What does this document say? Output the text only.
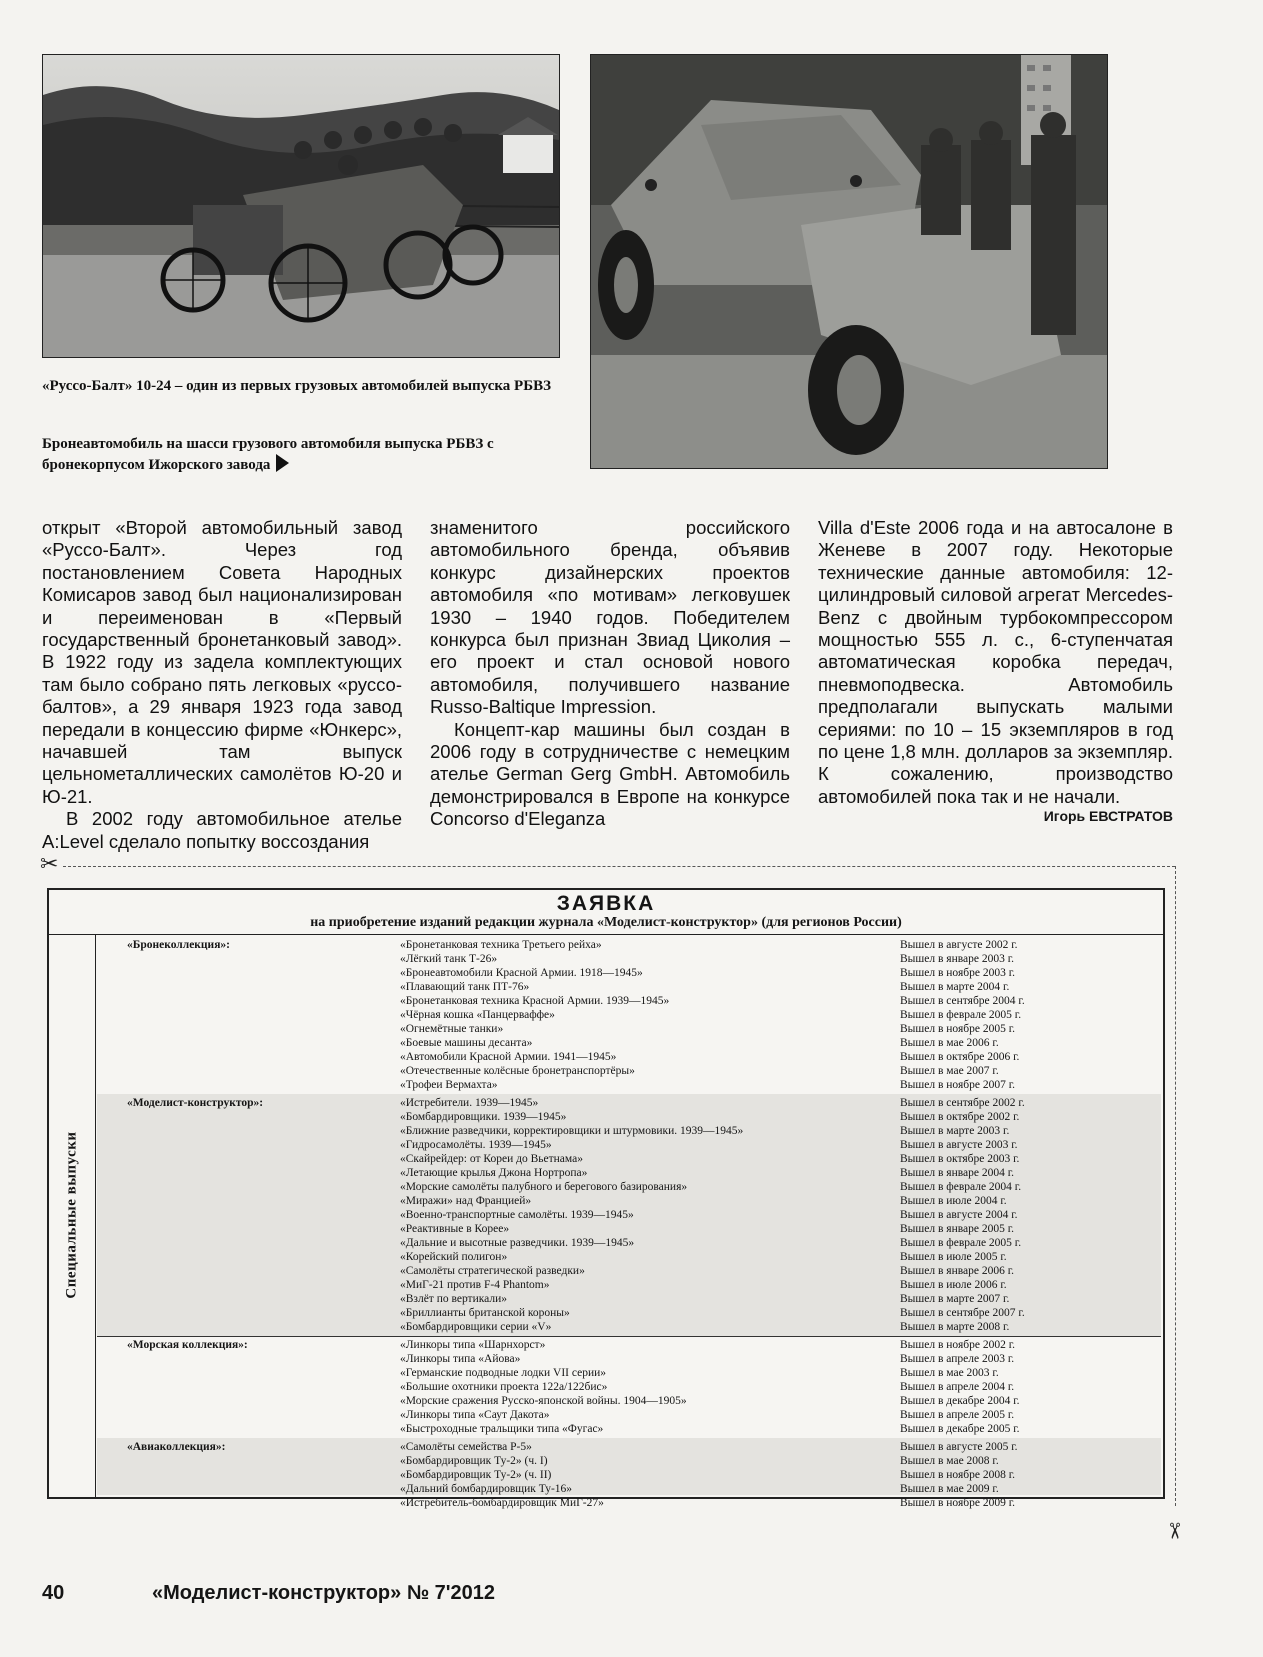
«Руссо-Балт» 10-24 – один из первых грузовых автомобилей выпуска РБВЗ
Бронеавтомобиль на шасси грузового автомобиля выпуска РБВЗ с бронекорпусом Ижорского завода

открыт «Второй автомобильный завод «Руссо-Балт». Через год постановлением Совета Народных Комисаров завод был национализирован и переименован в «Первый государственный бронетанковый завод». В 1922 году из задела комплектующих там было собрано пять легковых «руссо-балтов», а 29 января 1923 года завод передали в концессию фирме «Юнкерс», начавшей там выпуск цельнометаллических самолётов Ю-20 и Ю-21.

В 2002 году автомобильное ателье A:Level сделало попытку воссоздания

знаменитого российского автомобильного бренда, объявив конкурс дизайнерских проектов автомобиля «по мотивам» легковушек 1930 – 1940 годов. Победителем конкурса был признан Звиад Циколия – его проект и стал основой нового автомобиля, получившего название Russo-Baltique Impression.

Концепт-кар машины был создан в 2006 году в сотрудничестве с немецким ателье German Gerg GmbH. Автомобиль демонстрировался в Европе на конкурсе Concorso d'Eleganza

Villa d'Este 2006 года и на автосалоне в Женеве в 2007 году. Некоторые технические данные автомобиля: 12-цилиндровый силовой агрегат Mercedes-Benz с двойным турбокомпрессором мощностью 555 л. с., 6-ступенчатая автоматическая коробка передач, пневмоподвеска. Автомобиль предполагали выпускать малыми сериями: по 10 – 15 экземпляров в год по цене 1,8 млн. долларов за экземпляр. К сожалению, производство автомобилей пока так и не начали.

Игорь ЕВСТРАТОВ
✂
✂
ЗАЯВКА
на приобретение изданий редакции журнала «Моделист-конструктор» (для регионов России)
Специальные выпуски
«Бронеколлекция»:	«Бронетанковая техника Третьего рейха»	Вышел в августе 2002 г.
«Лёгкий танк Т-26»	Вышел в январе 2003 г.
«Бронеавтомобили Красной Армии. 1918—1945»	Вышел в ноябре 2003 г.
«Плавающий танк ПТ-76»	Вышел в марте 2004 г.
«Бронетанковая техника Красной Армии. 1939—1945»	Вышел в сентябре 2004 г.
«Чёрная кошка «Панцерваффе»	Вышел в феврале 2005 г.
«Огнемётные танки»	Вышел в ноябре 2005 г.
«Боевые машины десанта»	Вышел в мае 2006 г.
«Автомобили Красной Армии. 1941—1945»	Вышел в октябре 2006 г.
«Отечественные колёсные бронетранспортёры»	Вышел в мае 2007 г.
«Трофеи Вермахта»	Вышел в ноябре 2007 г.
«Моделист-конструктор»:	«Истребители. 1939—1945»	Вышел в сентябре 2002 г.
«Бомбардировщики. 1939—1945»	Вышел в октябре 2002 г.
«Ближние разведчики, корректировщики и штурмовики. 1939—1945»	Вышел в марте 2003 г.
«Гидросамолёты. 1939—1945»	Вышел в августе 2003 г.
«Скайрейдер: от Кореи до Вьетнама»	Вышел в октябре 2003 г.
«Летающие крылья Джона Нортропа»	Вышел в январе 2004 г.
«Морские самолёты палубного и берегового базирования»	Вышел в феврале 2004 г.
«Миражи» над Францией»	Вышел в июле 2004 г.
«Военно-транспортные самолёты. 1939—1945»	Вышел в августе 2004 г.
«Реактивные в Корее»	Вышел в январе 2005 г.
«Дальние и высотные разведчики. 1939—1945»	Вышел в феврале 2005 г.
«Корейский полигон»	Вышел в июле 2005 г.
«Самолёты стратегической разведки»	Вышел в январе 2006 г.
«МиГ-21 против F-4 Phantom»	Вышел в июле 2006 г.
«Взлёт по вертикали»	Вышел в марте 2007 г.
«Бриллианты британской короны»	Вышел в сентябре 2007 г.
«Бомбардировщики серии «V»	Вышел в марте 2008 г.
«Морская коллекция»:	«Линкоры типа «Шарнхорст»	Вышел в ноябре 2002 г.
«Линкоры типа «Айова»	Вышел в апреле 2003 г.
«Германские подводные лодки VII серии»	Вышел в мае 2003 г.
«Большие охотники проекта 122а/122бис»	Вышел в апреле 2004 г.
«Морские сражения Русско-японской войны. 1904—1905»	Вышел в декабре 2004 г.
«Линкоры типа «Саут Дакота»	Вышел в апреле 2005 г.
«Быстроходные тральщики типа «Фугас»	Вышел в декабре 2005 г.
«Авиаколлекция»:	«Самолёты семейства Р-5»	Вышел в августе 2005 г.
«Бомбардировщик Ту-2» (ч. I)	Вышел в мае 2008 г.
«Бомбардировщик Ту-2» (ч. II)	Вышел в ноябре 2008 г.
«Дальний бомбардировщик Ту-16»	Вышел в мае 2009 г.
«Истребитель-бомбардировщик МиГ-27»	Вышел в ноябре 2009 г.
40	«Моделист-конструктор» № 7'2012
